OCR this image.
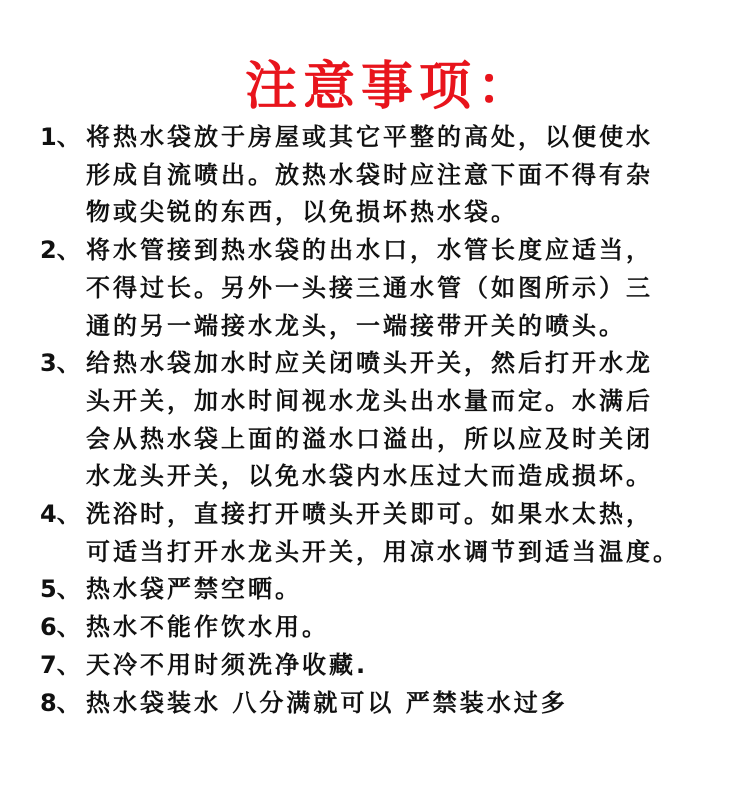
注意事项：
1、 将热水袋放于房屋或其它平整的高处，以便使水
形成自流喷出。放热水袋时应注意下面不得有杂
物或尖锐的东西，以免损坏热水袋。
2、 将水管接到热水袋的出水口，水管长度应适当，
不得过长。另外一头接三通水管（如图所示）三
通的另一端接水龙头，一端接带开关的喷头。
3、 给热水袋加水时应关闭喷头开关，然后打开水龙
头开关，加水时间视水龙头出水量而定。水满后
会从热水袋上面的溢水口溢出，所以应及时关闭
水龙头开关，以免水袋内水压过大而造成损坏。
4、 洗浴时，直接打开喷头开关即可。如果水太热，
可适当打开水龙头开关，用凉水调节到适当温度。
5、 热水袋严禁空晒。
6、 热水不能作饮水用。
7、 天冷不用时须洗净收藏.
8、 热水袋装水 八分满就可以 严禁装水过多
